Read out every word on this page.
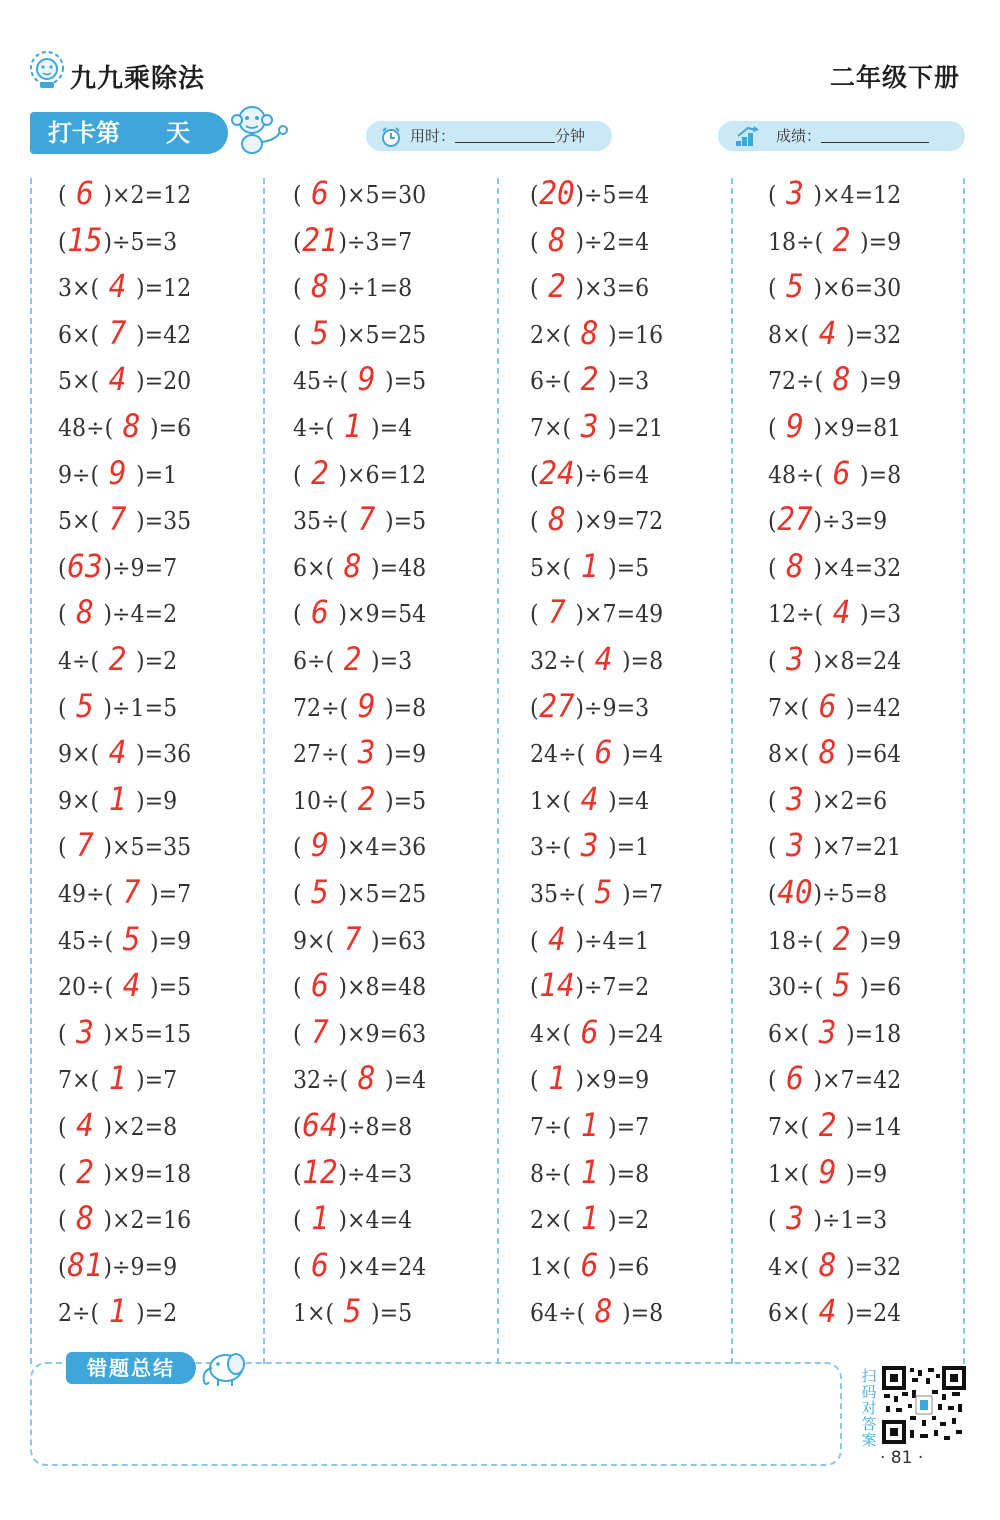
九九乘除法	二年级下册
打卡第 天	用时：	分钟	成绩：
( 6 )×2=12
(15)÷5=3
3×( 4 )=12
6×( 7 )=42
5×( 4 )=20
48÷( 8 )=6
9÷( 9 )=1
5×( 7 )=35
(63)÷9=7
( 8 )÷4=2
4÷( 2 )=2
( 5 )÷1=5
9×( 4 )=36
9×( 1 )=9
( 7 )×5=35
49÷( 7 )=7
45÷( 5 )=9
20÷( 4 )=5
( 3 )×5=15
7×( 1 )=7
( 4 )×2=8
( 2 )×9=18
( 8 )×2=16
(81)÷9=9
2÷( 1 )=2
( 6 )×5=30
(21)÷3=7
( 8 )÷1=8
( 5 )×5=25
45÷( 9 )=5
4÷( 1 )=4
( 2 )×6=12
35÷( 7 )=5
6×( 8 )=48
( 6 )×9=54
6÷( 2 )=3
72÷( 9 )=8
27÷( 3 )=9
10÷( 2 )=5
( 9 )×4=36
( 5 )×5=25
9×( 7 )=63
( 6 )×8=48
( 7 )×9=63
32÷( 8 )=4
(64)÷8=8
(12)÷4=3
( 1 )×4=4
( 6 )×4=24
1×( 5 )=5
(20)÷5=4
( 8 )÷2=4
( 2 )×3=6
2×( 8 )=16
6÷( 2 )=3
7×( 3 )=21
(24)÷6=4
( 8 )×9=72
5×( 1 )=5
( 7 )×7=49
32÷( 4 )=8
(27)÷9=3
24÷( 6 )=4
1×( 4 )=4
3÷( 3 )=1
35÷( 5 )=7
( 4 )÷4=1
(14)÷7=2
4×( 6 )=24
( 1 )×9=9
7÷( 1 )=7
8÷( 1 )=8
2×( 1 )=2
1×( 6 )=6
64÷( 8 )=8
( 3 )×4=12
18÷( 2 )=9
( 5 )×6=30
8×( 4 )=32
72÷( 8 )=9
( 9 )×9=81
48÷( 6 )=8
(27)÷3=9
( 8 )×4=32
12÷( 4 )=3
( 3 )×8=24
7×( 6 )=42
8×( 8 )=64
( 3 )×2=6
( 3 )×7=21
(40)÷5=8
18÷( 2 )=9
30÷( 5 )=6
6×( 3 )=18
( 6 )×7=42
7×( 2 )=14
1×( 9 )=9
( 3 )÷1=3
4×( 8 )=32
6×( 4 )=24
错题总结	扫码对答案
· 81 ·
